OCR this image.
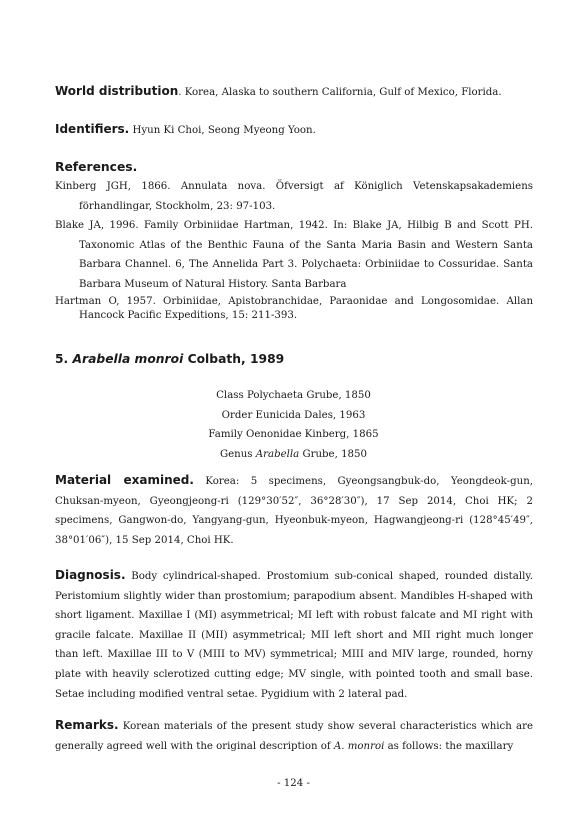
World distribution. Korea, Alaska to southern California, Gulf of Mexico, Florida.

Identifiers. Hyun Ki Choi, Seong Myeong Yoon.

References.

Kinberg JGH, 1866. Annulata nova. Öfversigt af Königlich Vetenskapsakademiens förhandlingar, Stockholm, 23: 97-103.

Blake JA, 1996. Family Orbiniidae Hartman, 1942. In: Blake JA, Hilbig B and Scott PH. Taxonomic Atlas of the Benthic Fauna of the Santa Maria Basin and Western Santa Barbara Channel. 6, The Annelida Part 3. Polychaeta: Orbiniidae to Cossuridae. Santa Barbara Museum of Natural History. Santa Barbara

Hartman O, 1957. Orbiniidae, Apistobranchidae, Paraonidae and Longosomidae. Allan Hancock Pacific Expeditions, 15: 211-393.

5. Arabella monroi Colbath, 1989

Class Polychaeta Grube, 1850
Order Eunicida Dales, 1963
Family Oenonidae Kinberg, 1865
Genus Arabella Grube, 1850

Material examined. Korea: 5 specimens, Gyeongsangbuk-do, Yeongdeok-gun, Chuksan-myeon, Gyeongjeong-ri (129°30′52″, 36°28′30″), 17 Sep 2014, Choi HK; 2 specimens, Gangwon-do, Yangyang-gun, Hyeonbuk-myeon, Hagwangjeong-ri (128°45′49″, 38°01′06″), 15 Sep 2014, Choi HK.

Diagnosis. Body cylindrical-shaped. Prostomium sub-conical shaped, rounded distally. Peristomium slightly wider than prostomium; parapodium absent. Mandibles H-shaped with short ligament. Maxillae I (MI) asymmetrical; MI left with robust falcate and MI right with gracile falcate. Maxillae II (MII) asymmetrical; MII left short and MII right much longer than left. Maxillae III to V (MIII to MV) symmetrical; MIII and MIV large, rounded, horny plate with heavily sclerotized cutting edge; MV single, with pointed tooth and small base. Setae including modified ventral setae. Pygidium with 2 lateral pad.

Remarks. Korean materials of the present study show several characteristics which are generally agreed well with the original description of A. monroi as follows: the maxillary

- 124 -
